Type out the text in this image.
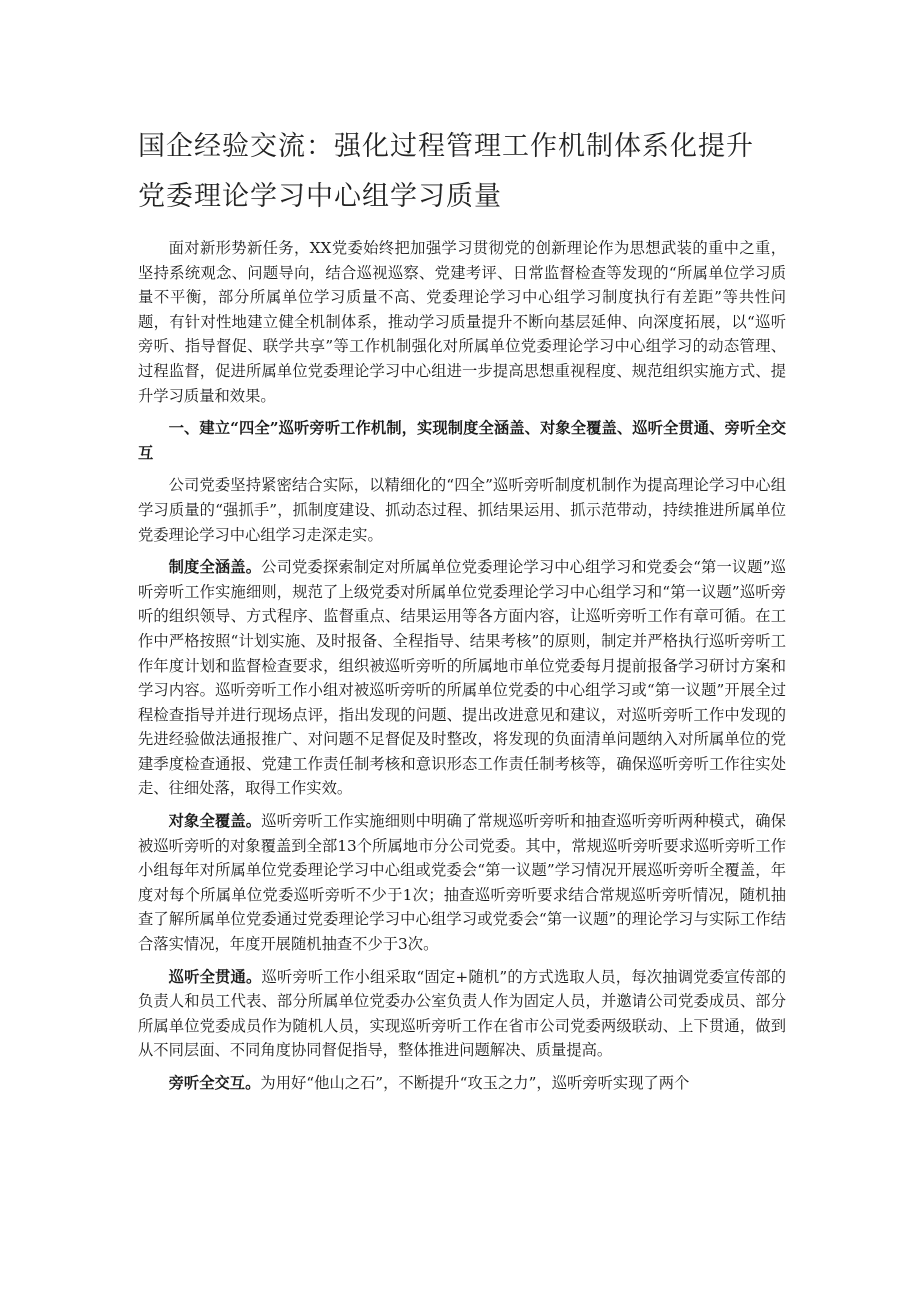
国企经验交流：强化过程管理工作机制体系化提升
党委理论学习中心组学习质量

面对新形势新任务，XX党委始终把加强学习贯彻党的创新理论作为思想武装的重中之重，坚持系统观念、问题导向，结合巡视巡察、党建考评、日常监督检查等发现的“所属单位学习质量不平衡，部分所属单位学习质量不高、党委理论学习中心组学习制度执行有差距”等共性问题，有针对性地建立健全机制体系，推动学习质量提升不断向基层延伸、向深度拓展，以“巡听旁听、指导督促、联学共享”等工作机制强化对所属单位党委理论学习中心组学习的动态管理、过程监督，促进所属单位党委理论学习中心组进一步提高思想重视程度、规范组织实施方式、提升学习质量和效果。

一、建立“四全”巡听旁听工作机制，实现制度全涵盖、对象全覆盖、巡听全贯通、旁听全交互

公司党委坚持紧密结合实际，以精细化的“四全”巡听旁听制度机制作为提高理论学习中心组学习质量的“强抓手”，抓制度建设、抓动态过程、抓结果运用、抓示范带动，持续推进所属单位党委理论学习中心组学习走深走实。

制度全涵盖。公司党委探索制定对所属单位党委理论学习中心组学习和党委会“第一议题”巡听旁听工作实施细则，规范了上级党委对所属单位党委理论学习中心组学习和“第一议题”巡听旁听的组织领导、方式程序、监督重点、结果运用等各方面内容，让巡听旁听工作有章可循。在工作中严格按照“计划实施、及时报备、全程指导、结果考核”的原则，制定并严格执行巡听旁听工作年度计划和监督检查要求，组织被巡听旁听的所属地市单位党委每月提前报备学习研讨方案和学习内容。巡听旁听工作小组对被巡听旁听的所属单位党委的中心组学习或“第一议题”开展全过程检查指导并进行现场点评，指出发现的问题、提出改进意见和建议，对巡听旁听工作中发现的先进经验做法通报推广、对问题不足督促及时整改，将发现的负面清单问题纳入对所属单位的党建季度检查通报、党建工作责任制考核和意识形态工作责任制考核等，确保巡听旁听工作往实处走、往细处落，取得工作实效。

对象全覆盖。巡听旁听工作实施细则中明确了常规巡听旁听和抽查巡听旁听两种模式，确保被巡听旁听的对象覆盖到全部13个所属地市分公司党委。其中，常规巡听旁听要求巡听旁听工作小组每年对所属单位党委理论学习中心组或党委会“第一议题”学习情况开展巡听旁听全覆盖，年度对每个所属单位党委巡听旁听不少于1次；抽查巡听旁听要求结合常规巡听旁听情况，随机抽查了解所属单位党委通过党委理论学习中心组学习或党委会“第一议题”的理论学习与实际工作结合落实情况，年度开展随机抽查不少于3次。

巡听全贯通。巡听旁听工作小组采取“固定+随机”的方式选取人员，每次抽调党委宣传部的负责人和员工代表、部分所属单位党委办公室负责人作为固定人员，并邀请公司党委成员、部分所属单位党委成员作为随机人员，实现巡听旁听工作在省市公司党委两级联动、上下贯通，做到从不同层面、不同角度协同督促指导，整体推进问题解决、质量提高。

旁听全交互。为用好“他山之石”，不断提升“攻玉之力”，巡听旁听实现了两个
